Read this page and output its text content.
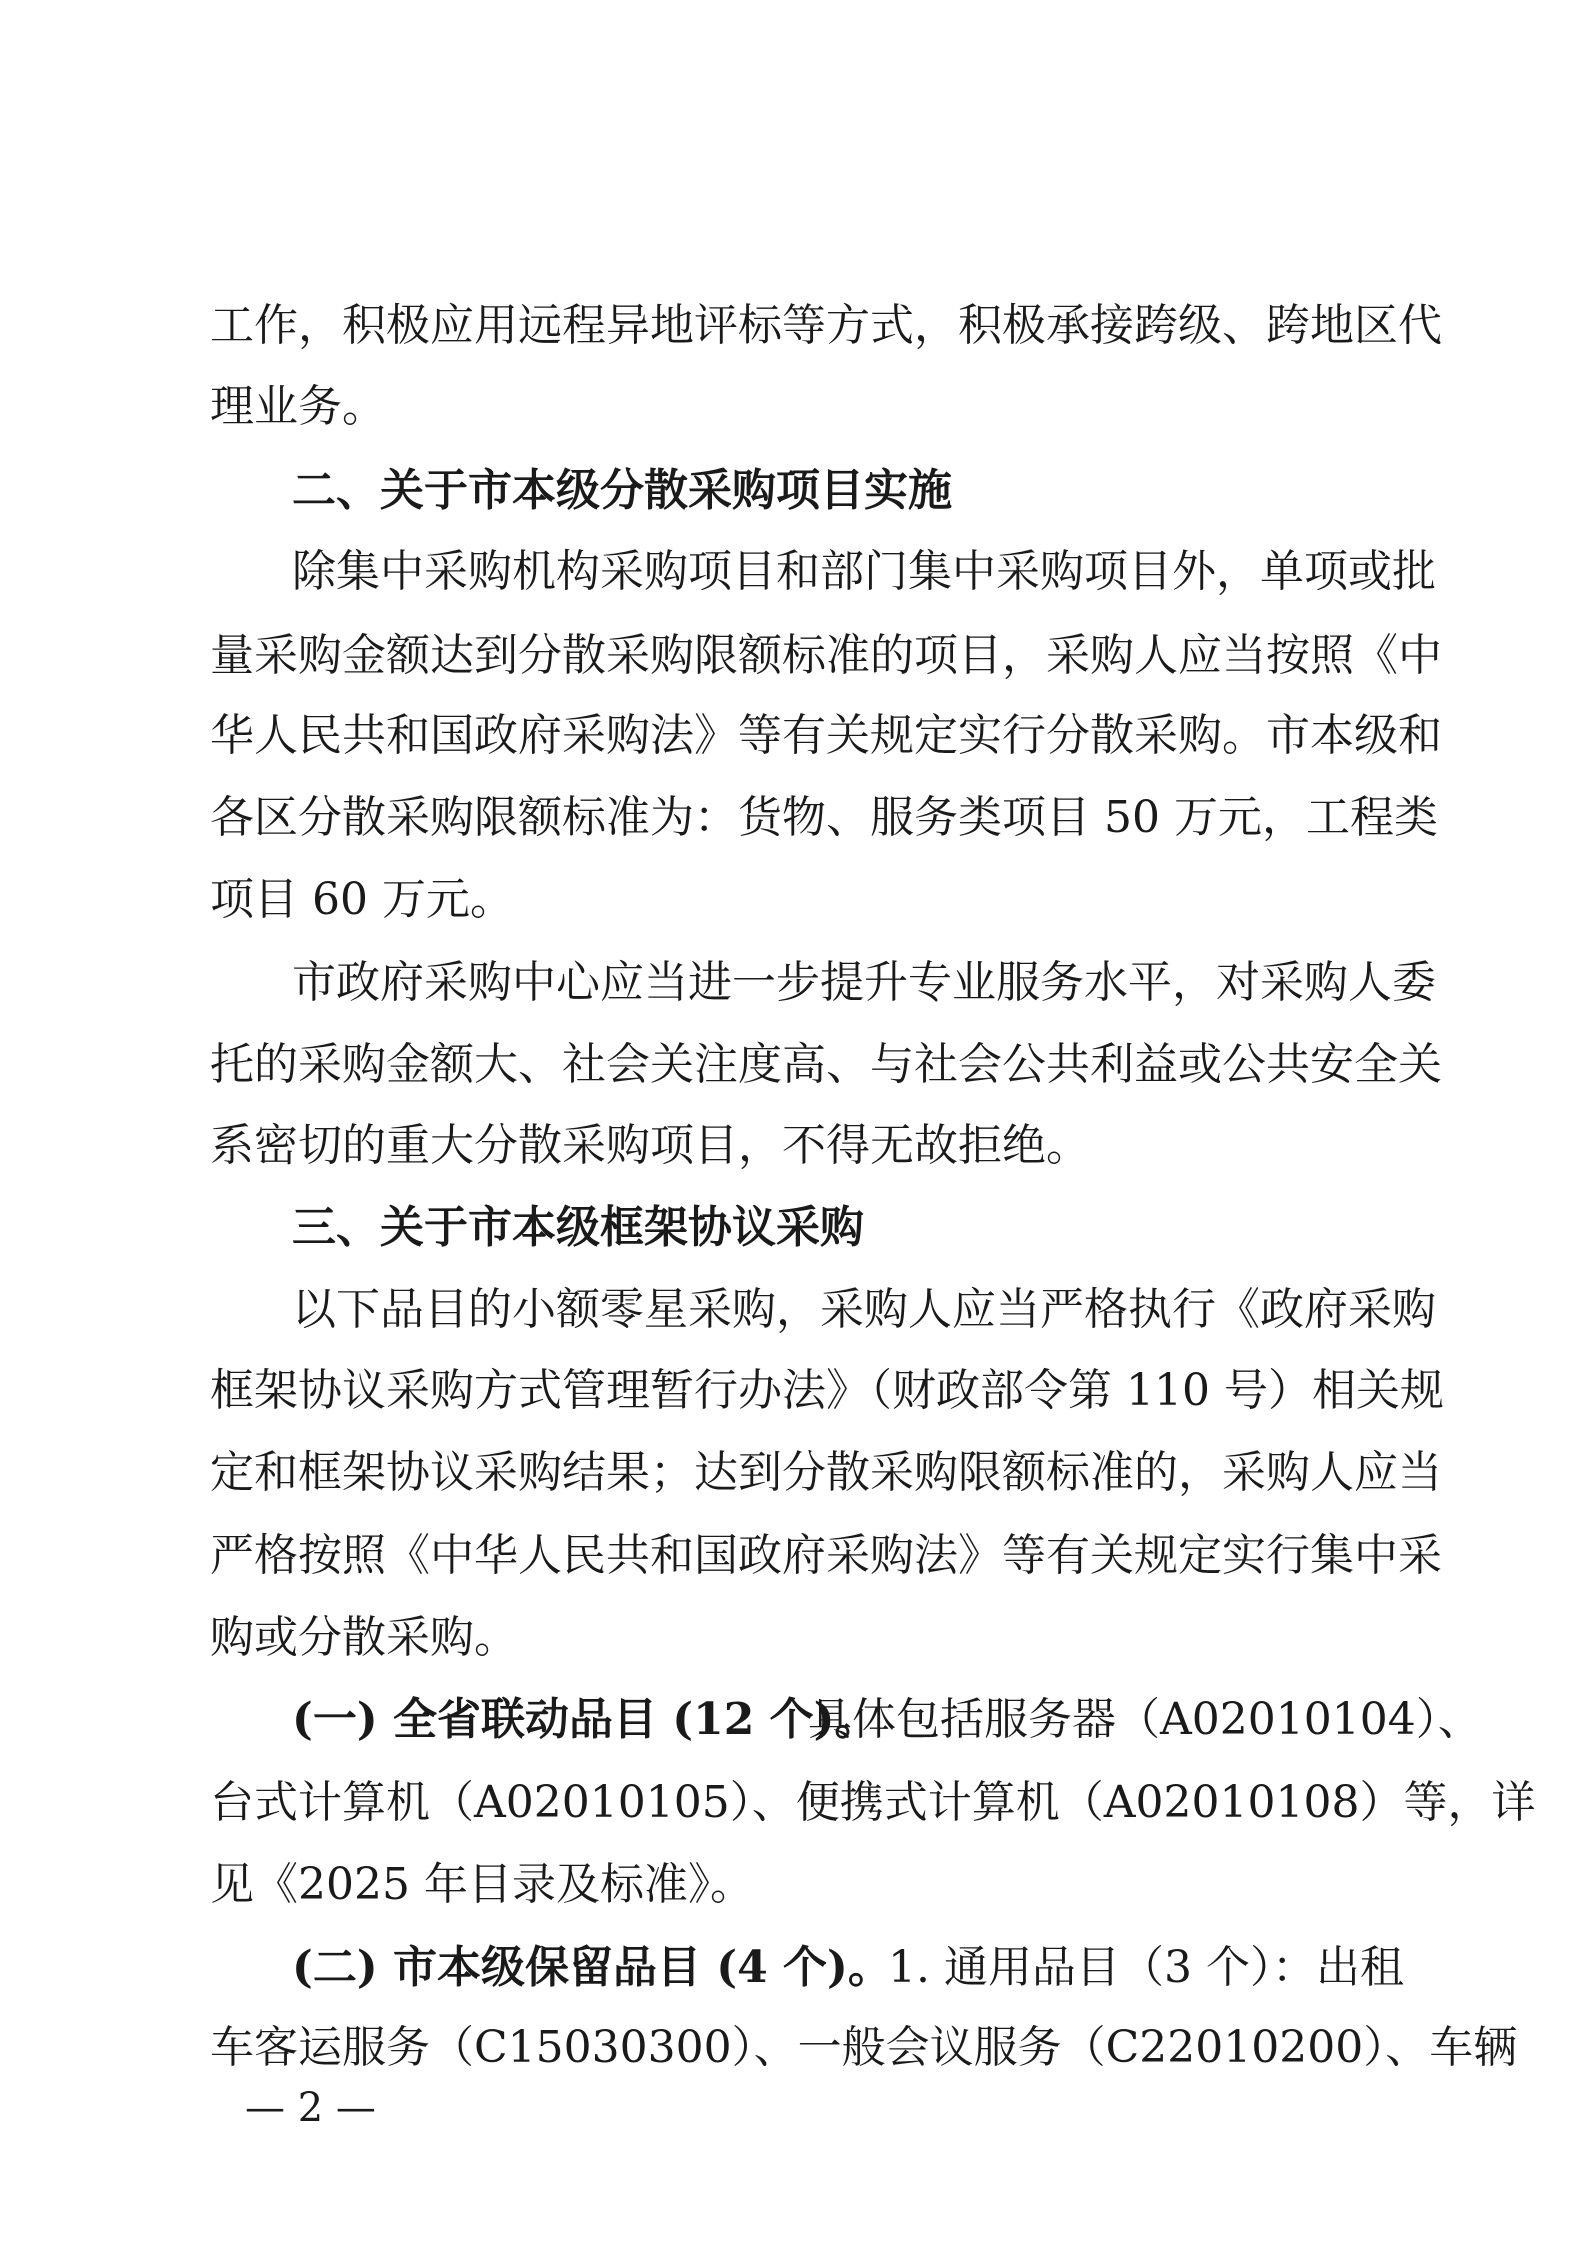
工作，积极应用远程异地评标等方式，积极承接跨级、跨地区代
理业务。
二、关于市本级分散采购项目实施
除集中采购机构采购项目和部门集中采购项目外，单项或批
量采购金额达到分散采购限额标准的项目，采购人应当按照《中
华人民共和国政府采购法》等有关规定实行分散采购。市本级和
各区分散采购限额标准为：货物、服务类项目 50 万元，工程类
项目 60 万元。
市政府采购中心应当进一步提升专业服务水平，对采购人委
托的采购金额大、社会关注度高、与社会公共利益或公共安全关
系密切的重大分散采购项目，不得无故拒绝。
三、关于市本级框架协议采购
以下品目的小额零星采购，采购人应当严格执行《政府采购
框架协议采购方式管理暂行办法》（财政部令第 110 号）相关规
定和框架协议采购结果；达到分散采购限额标准的，采购人应当
严格按照《中华人民共和国政府采购法》等有关规定实行集中采
购或分散采购。
(一) 全省联动品目 (12 个)。
具体包括服务器（A02010104）、
台式计算机（A02010105）、便携式计算机（A02010108）等，详
见《2025 年目录及标准》。
(二) 市本级保留品目 (4 个)。
1. 通用品目（3 个）：出租
车客运服务（C15030300）、一般会议服务（C22010200）、车辆
— 2 —
